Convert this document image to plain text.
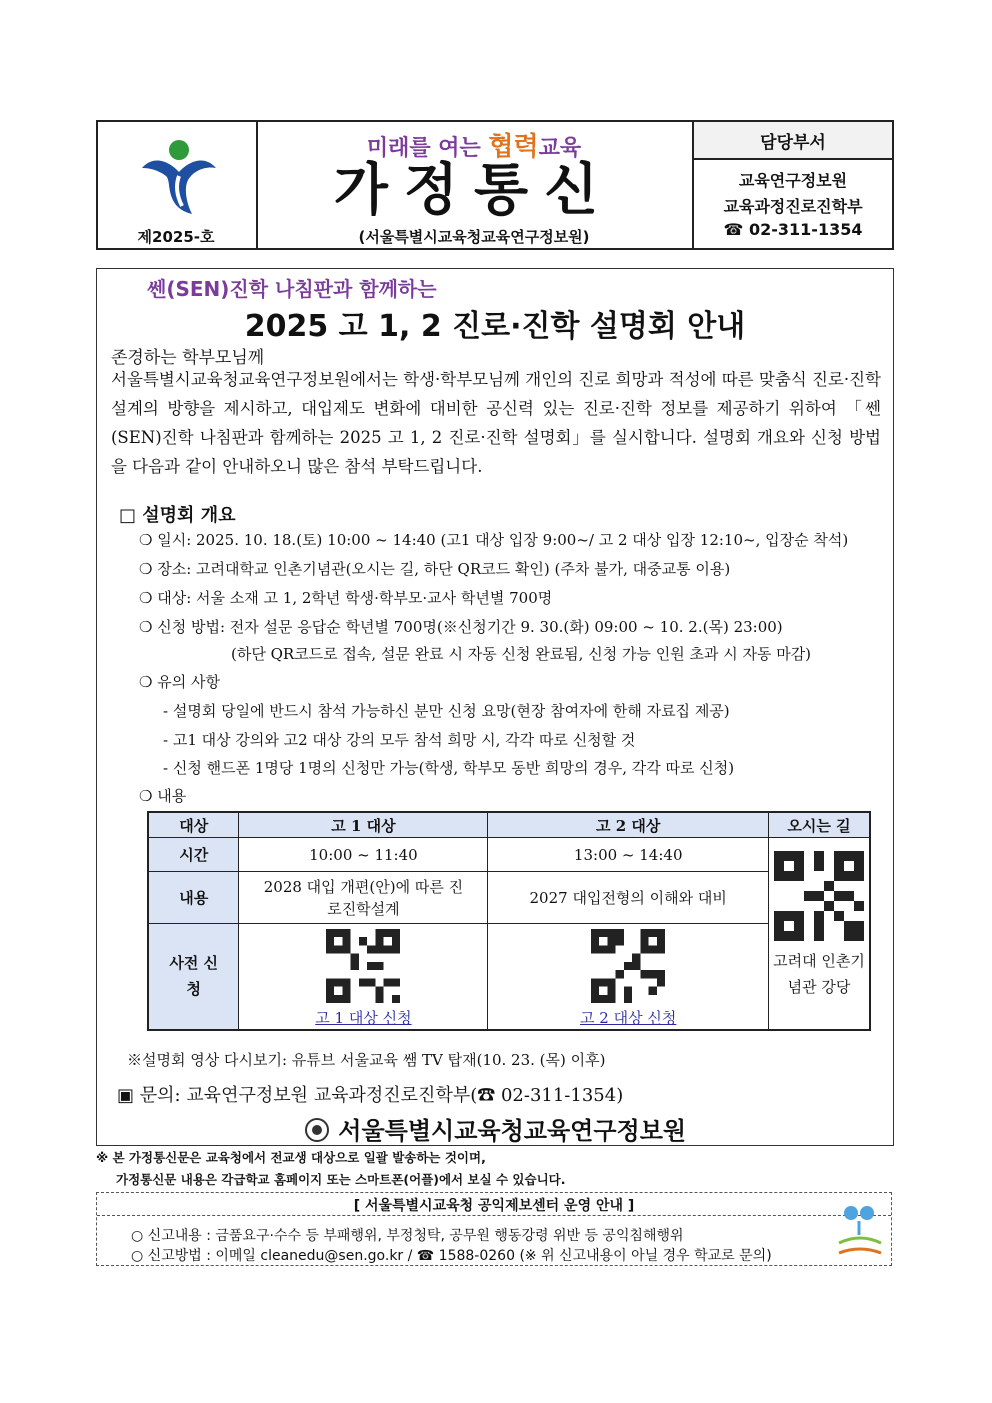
제2025-호
미래를 여는 협력교육
가정통신
(서울특별시교육청교육연구정보원)
담당부서
교육연구정보원
교육과정진로진학부
☎ 02-311-1354
쎈(SEN)진학 나침판과 함께하는
2025 고 1, 2 진로·진학 설명회 안내
존경하는 학부모님께
서울특별시교육청교육연구정보원에서는 학생·학부모님께 개인의 진로 희망과 적성에 따른 맞춤식 진로·진학 설계의 방향을 제시하고, 대입제도 변화에 대비한 공신력 있는 진로·진학 정보를 제공하기 위하여 「쎈(SEN)진학 나침판과 함께하는 2025 고 1, 2 진로·진학 설명회」를 실시합니다. 설명회 개요와 신청 방법을 다음과 같이 안내하오니 많은 참석 부탁드립니다.
□ 설명회 개요
❍ 일시: 2025. 10. 18.(토) 10:00 ~ 14:40 (고1 대상 입장 9:00~/ 고 2 대상 입장 12:10~, 입장순 착석)
❍ 장소: 고려대학교 인촌기념관(오시는 길, 하단 QR코드 확인) (주차 불가, 대중교통 이용)
❍ 대상: 서울 소재 고 1, 2학년 학생·학부모·교사 학년별 700명
❍ 신청 방법: 전자 설문 응답순 학년별 700명(※신청기간 9. 30.(화) 09:00 ~ 10. 2.(목) 23:00)
(하단 QR코드로 접속, 설문 완료 시 자동 신청 완료됨, 신청 가능 인원 초과 시 자동 마감)
❍ 유의 사항
- 설명회 당일에 반드시 참석 가능하신 분만 신청 요망(현장 참여자에 한해 자료집 제공)
- 고1 대상 강의와 고2 대상 강의 모두 참석 희망 시, 각각 따로 신청할 것
- 신청 핸드폰 1명당 1명의 신청만 가능(학생, 학부모 동반 희망의 경우, 각각 따로 신청)
❍ 내용
대상	고 1 대상	고 2 대상	오시는 길
시간	10:00 ~ 11:40	13:00 ~ 14:40	고려대 인촌기념관 강당

내용	2028 대입 개편(안)에 따른 진로진학설계	2027 대입전형의 이해와 대비	
사전 신청	고 1 대상 신청	고 2 대상 신청	
※설명회 영상 다시보기: 유튜브 서울교육 쌤 TV 탑재(10. 23. (목) 이후)
▣ 문의: 교육연구정보원 교육과정진로진학부(☎ 02-311-1354)
서울특별시교육청교육연구정보원
※ 본 가정통신문은 교육청에서 전교생 대상으로 일괄 발송하는 것이며,
가정통신문 내용은 각급학교 홈페이지 또는 스마트폰(어플)에서 보실 수 있습니다.
[ 서울특별시교육청 공익제보센터 운영 안내 ]
○ 신고내용 : 금품요구·수수 등 부패행위, 부정청탁, 공무원 행동강령 위반 등 공익침해행위
○ 신고방법 : 이메일 cleanedu@sen.go.kr / ☎ 1588-0260 (※ 위 신고내용이 아닐 경우 학교로 문의)
